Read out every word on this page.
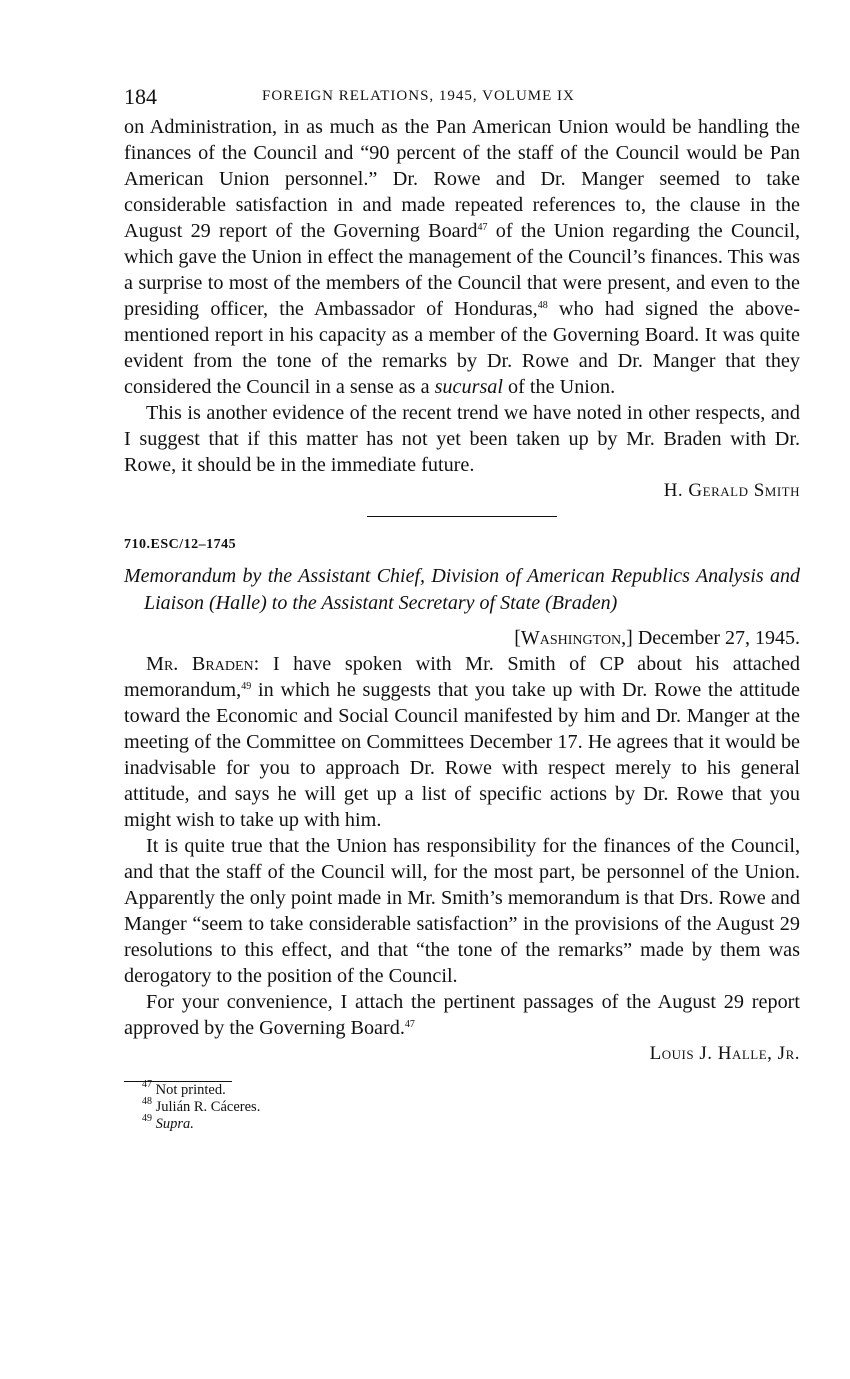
184	FOREIGN RELATIONS, 1945, VOLUME IX

on Administration, in as much as the Pan American Union would be handling the finances of the Council and “90 percent of the staff of the Council would be Pan American Union personnel.” Dr. Rowe and Dr. Manger seemed to take considerable satisfaction in and made repeated references to, the clause in the August 29 report of the Governing Board$^{47}$ of the Union regarding the Council, which gave the Union in effect the management of the Council’s finances. This was a surprise to most of the members of the Council that were present, and even to the presiding officer, the Ambassador of Honduras,$^{48}$ who had signed the above-mentioned report in his capacity as a member of the Governing Board. It was quite evident from the tone of the remarks by Dr. Rowe and Dr. Manger that they considered the Council in a sense as a sucursal of the Union.

This is another evidence of the recent trend we have noted in other respects, and I suggest that if this matter has not yet been taken up by Mr. Braden with Dr. Rowe, it should be in the immediate future.

H. Gerald Smith

710.ESC/12–1745
Memorandum by the Assistant Chief, Division of American Republics Analysis and Liaison (Halle) to the Assistant Secretary of State (Braden)
[Washington,] December 27, 1945.

Mr. Braden: I have spoken with Mr. Smith of CP about his attached memorandum,$^{49}$ in which he suggests that you take up with Dr. Rowe the attitude toward the Economic and Social Council manifested by him and Dr. Manger at the meeting of the Committee on Committees December 17. He agrees that it would be inadvisable for you to approach Dr. Rowe with respect merely to his general attitude, and says he will get up a list of specific actions by Dr. Rowe that you might wish to take up with him.

It is quite true that the Union has responsibility for the finances of the Council, and that the staff of the Council will, for the most part, be personnel of the Union. Apparently the only point made in Mr. Smith’s memorandum is that Drs. Rowe and Manger “seem to take considerable satisfaction” in the provisions of the August 29 resolutions to this effect, and that “the tone of the remarks” made by them was derogatory to the position of the Council.

For your convenience, I attach the pertinent passages of the August 29 report approved by the Governing Board.$^{47}$

Louis J. Halle, Jr.

$^{47}$ Not printed.

$^{48}$ Julián R. Cáceres.

$^{49}$ Supra.
